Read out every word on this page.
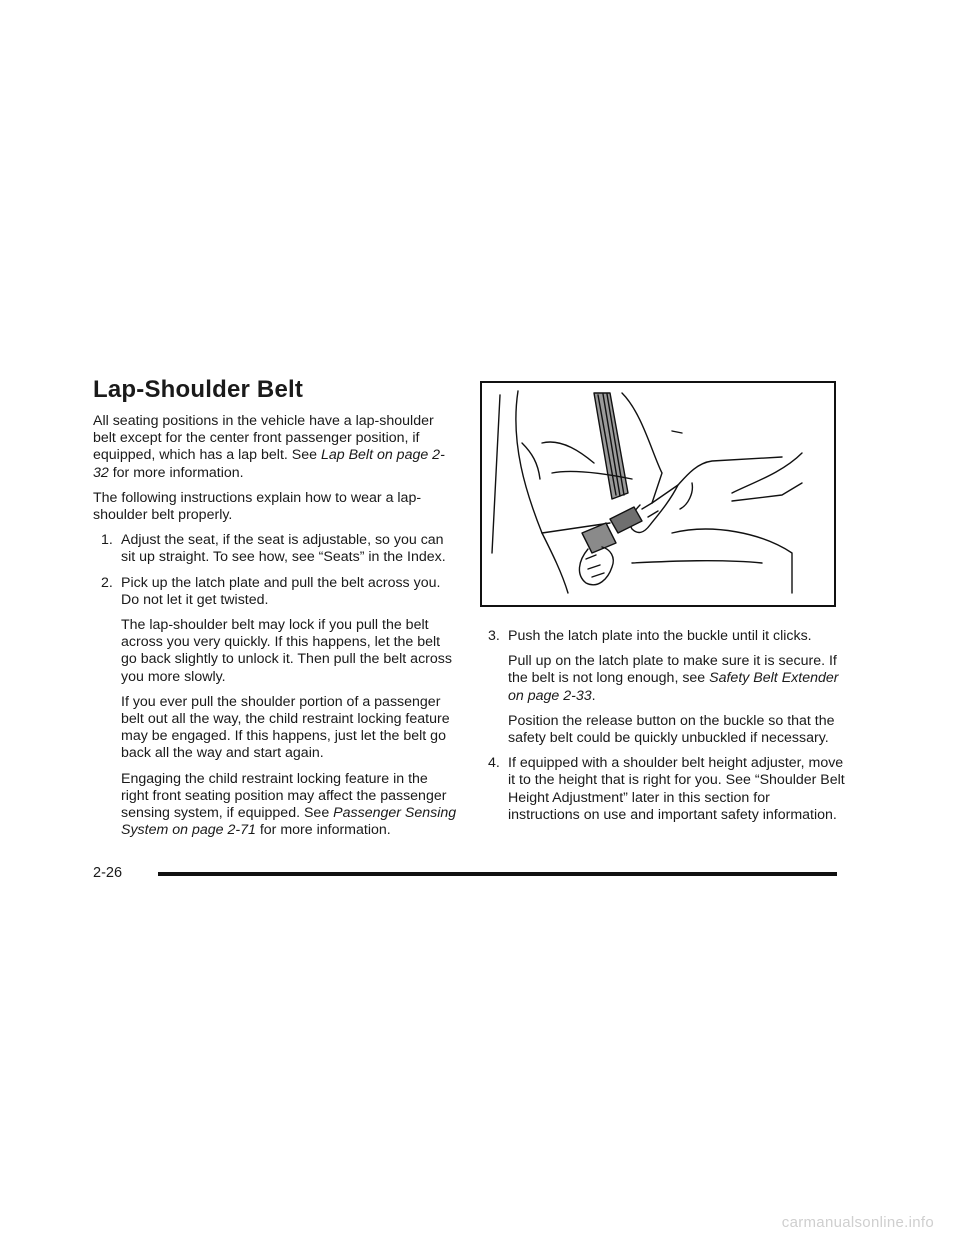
Lap-Shoulder Belt

All seating positions in the vehicle have a lap-shoulder belt except for the center front passenger position, if equipped, which has a lap belt. See Lap Belt on page 2-32 for more information.

The following instructions explain how to wear a lap-shoulder belt properly.

1. Adjust the seat, if the seat is adjustable, so you can sit up straight. To see how, see “Seats” in the Index.
2. Pick up the latch plate and pull the belt across you. Do not let it get twisted.
The lap-shoulder belt may lock if you pull the belt across you very quickly. If this happens, let the belt go back slightly to unlock it. Then pull the belt across you more slowly.
If you ever pull the shoulder portion of a passenger belt out all the way, the child restraint locking feature may be engaged. If this happens, just let the belt go back all the way and start again.
Engaging the child restraint locking feature in the right front seating position may affect the passenger sensing system, if equipped. See Passenger Sensing System on page 2-71 for more information.
3. Push the latch plate into the buckle until it clicks.
Pull up on the latch plate to make sure it is secure. If the belt is not long enough, see Safety Belt Extender on page 2-33.
Position the release button on the buckle so that the safety belt could be quickly unbuckled if necessary.
4. If equipped with a shoulder belt height adjuster, move it to the height that is right for you. See “Shoulder Belt Height Adjustment” later in this section for instructions on use and important safety information.
2-26
carmanualsonline.info
